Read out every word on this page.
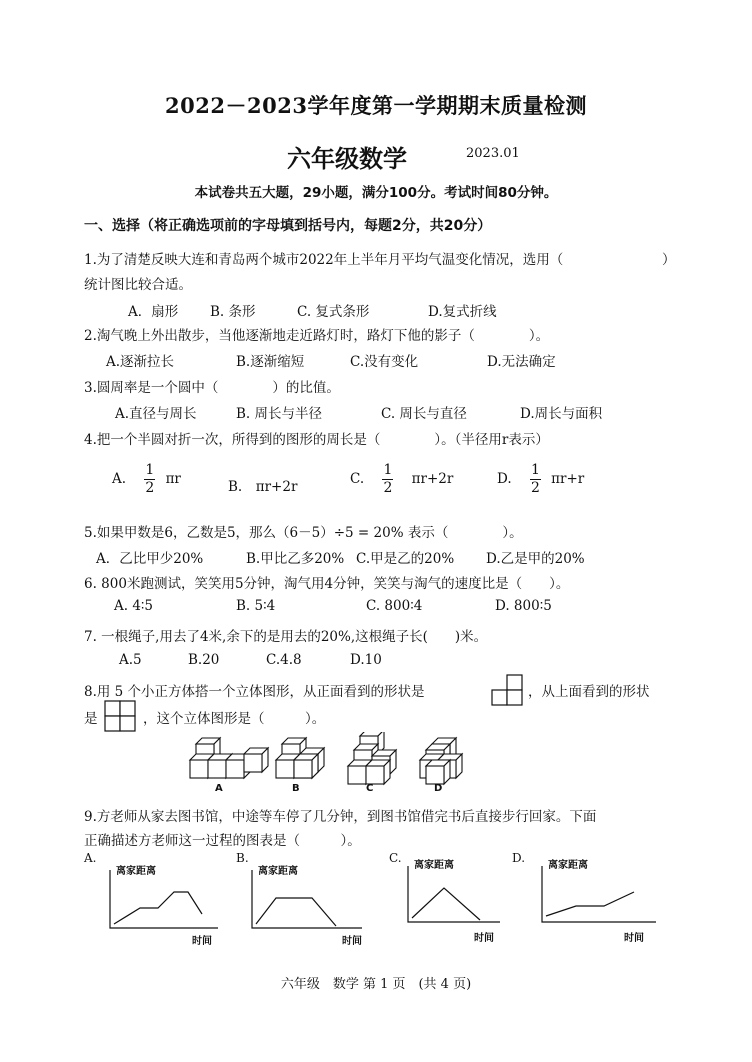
2022－2023学年度第一学期期末质量检测
六年级数学	2023.01
本试卷共五大题，29小题，满分100分。考试时间80分钟。
一、选择（将正确选项前的字母填到括号内，每题2分，共20分）
1.为了清楚反映大连和青岛两个城市2022年上半年月平均气温变化情况，选用（	）
统计图比较合适。
A．扇形 B. 条形	C. 复式条形	D.复式折线
2.淘气晚上外出散步，当他逐渐地走近路灯时，路灯下他的影子（　　　　）。
A.逐渐拉长	B.逐渐缩短	C.没有变化	D.无法确定
3.圆周率是一个圆中（　　　　）的比值。
A.直径与周长	B. 周长与半径	C. 周长与直径	D.周长与面积
4.把一个半圆对折一次，所得到的图形的周长是（　　　　）。（半径用r表示）
A. $\frac{1}{2}$ πr	B.　πr+2r	C. $\frac{1}{2} \pi r+2r$	D. $\frac{1}{2} \pi r+r$
5.如果甲数是6，乙数是5，那么（6－5）÷5 = 20% 表示（　　　　）。
A．乙比甲少20%	B.甲比乙多20% C.甲是乙的20% D.乙是甲的20%
6. 800米跑测试，笑笑用5分钟，淘气用4分钟，笑笑与淘气的速度比是（　　）。
A. 4∶5	B. 5∶4	C. 800∶4	D. 800∶5
7. 一根绳子,用去了4米,余下的是用去的20%,这根绳子长(　　)米。
A.5	B.20	C.4.8	D.10
8.用 5 个小正方体搭一个立体图形，从正面看到的形状是	，从上面看到的形状
是	，这个立体图形是（　　　）。
A	B	C	D
9.方老师从家去图书馆，中途等车停了几分钟，到图书馆借完书后直接步行回家。下面
正确描述方老师这一过程的图表是（　　　）。
A.	B.	C.	D.
离家距离	离家距离
离家距离	离家距离
时间	时间	时间	时间
六年级　数学 第 1 页　(共 4 页)
